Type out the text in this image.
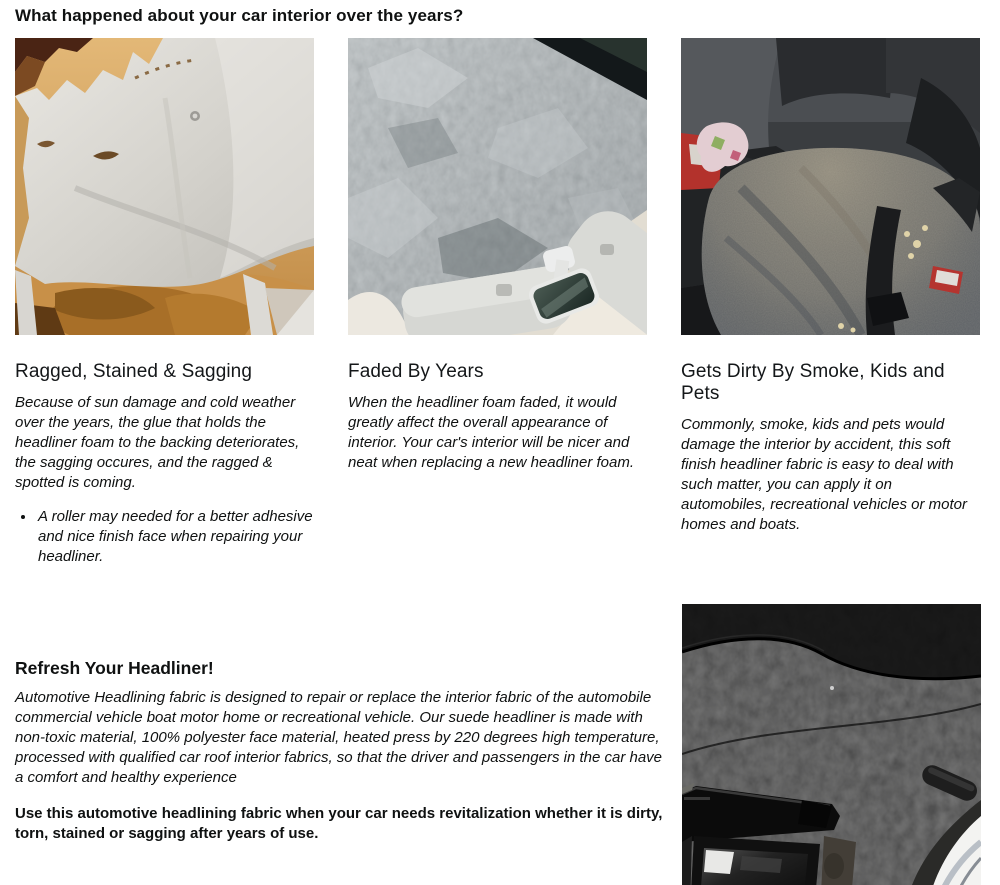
What happened about your car interior over the years?
Ragged, Stained & Sagging

Because of sun damage and cold weather over the years, the glue that holds the headliner foam to the backing deteriorates, the sagging occures, and the ragged & spotted is coming.

• A roller may needed for a better adhesive and nice finish face when repairing your headliner.
Faded By Years

When the headliner foam faded, it would greatly affect the overall appearance of interior. Your car's interior will be nicer and neat when replacing a new headliner foam.

Gets Dirty By Smoke, Kids and Pets

Commonly, smoke, kids and pets would damage the interior by accident, this soft finish headliner fabric is easy to deal with such matter, you can apply it on automobiles, recreational vehicles or motor homes and boats.

Refresh Your Headliner!

Automotive Headlining fabric is designed to repair or replace the interior fabric of the automobile commercial vehicle boat motor home or recreational vehicle. Our suede headliner is made with non-toxic material, 100% polyester face material, heated press by 220 degrees high temperature, processed with qualified car roof interior fabrics, so that the driver and passengers in the car have a comfort and healthy experience

Use this automotive headlining fabric when your car needs revitalization whether it is dirty, torn, stained or sagging after years of use.
